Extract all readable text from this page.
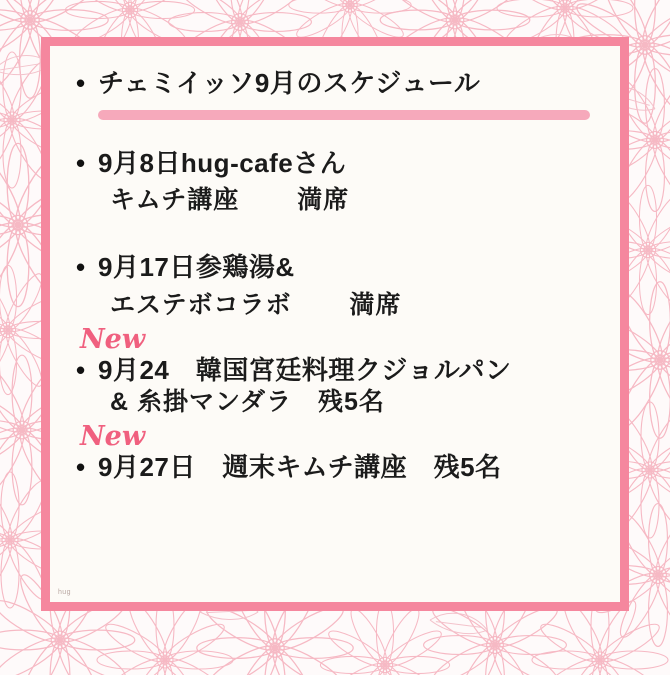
• チェミイッソ9月のスケジュール
• 9月8日hug-cafeさん
キムチ講座 満席
• 9月17日参鶏湯&
エステボコラボ 満席
New
• 9月24　韓国宮廷料理クジョルパン
& 糸掛マンダラ　残5名
New
• 9月27日　週末キムチ講座　残5名
hug
